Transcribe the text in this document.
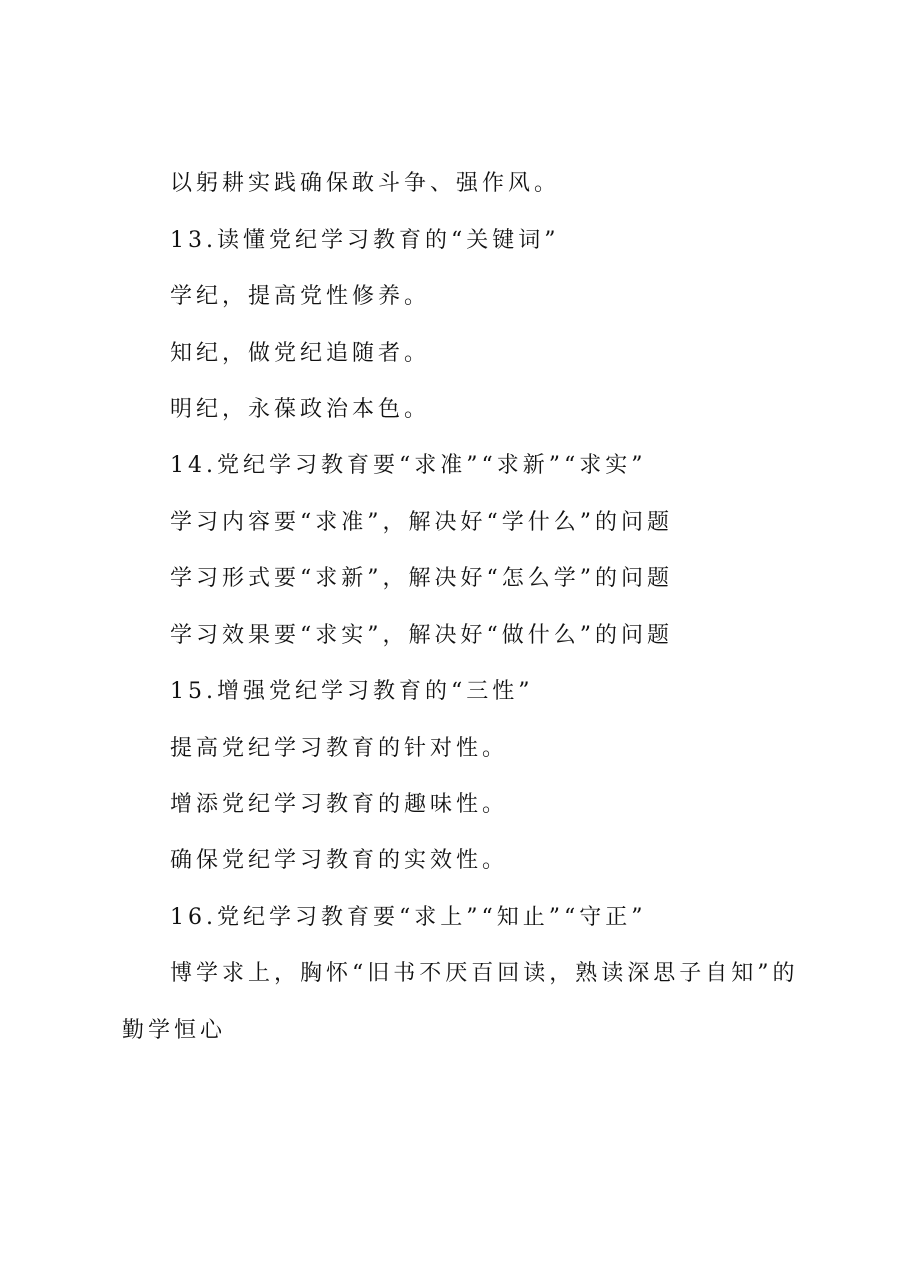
以躬耕实践确保敢斗争、强作风。

13.读懂党纪学习教育的“关键词”

学纪，提高党性修养。

知纪，做党纪追随者。

明纪，永葆政治本色。

14.党纪学习教育要“求准”“求新”“求实”

学习内容要“求准”，解决好“学什么”的问题

学习形式要“求新”，解决好“怎么学”的问题

学习效果要“求实”，解决好“做什么”的问题

15.增强党纪学习教育的“三性”

提高党纪学习教育的针对性。

增添党纪学习教育的趣味性。

确保党纪学习教育的实效性。

16.党纪学习教育要“求上”“知止”“守正”

博学求上，胸怀“旧书不厌百回读，熟读深思子自知”的

勤学恒心
